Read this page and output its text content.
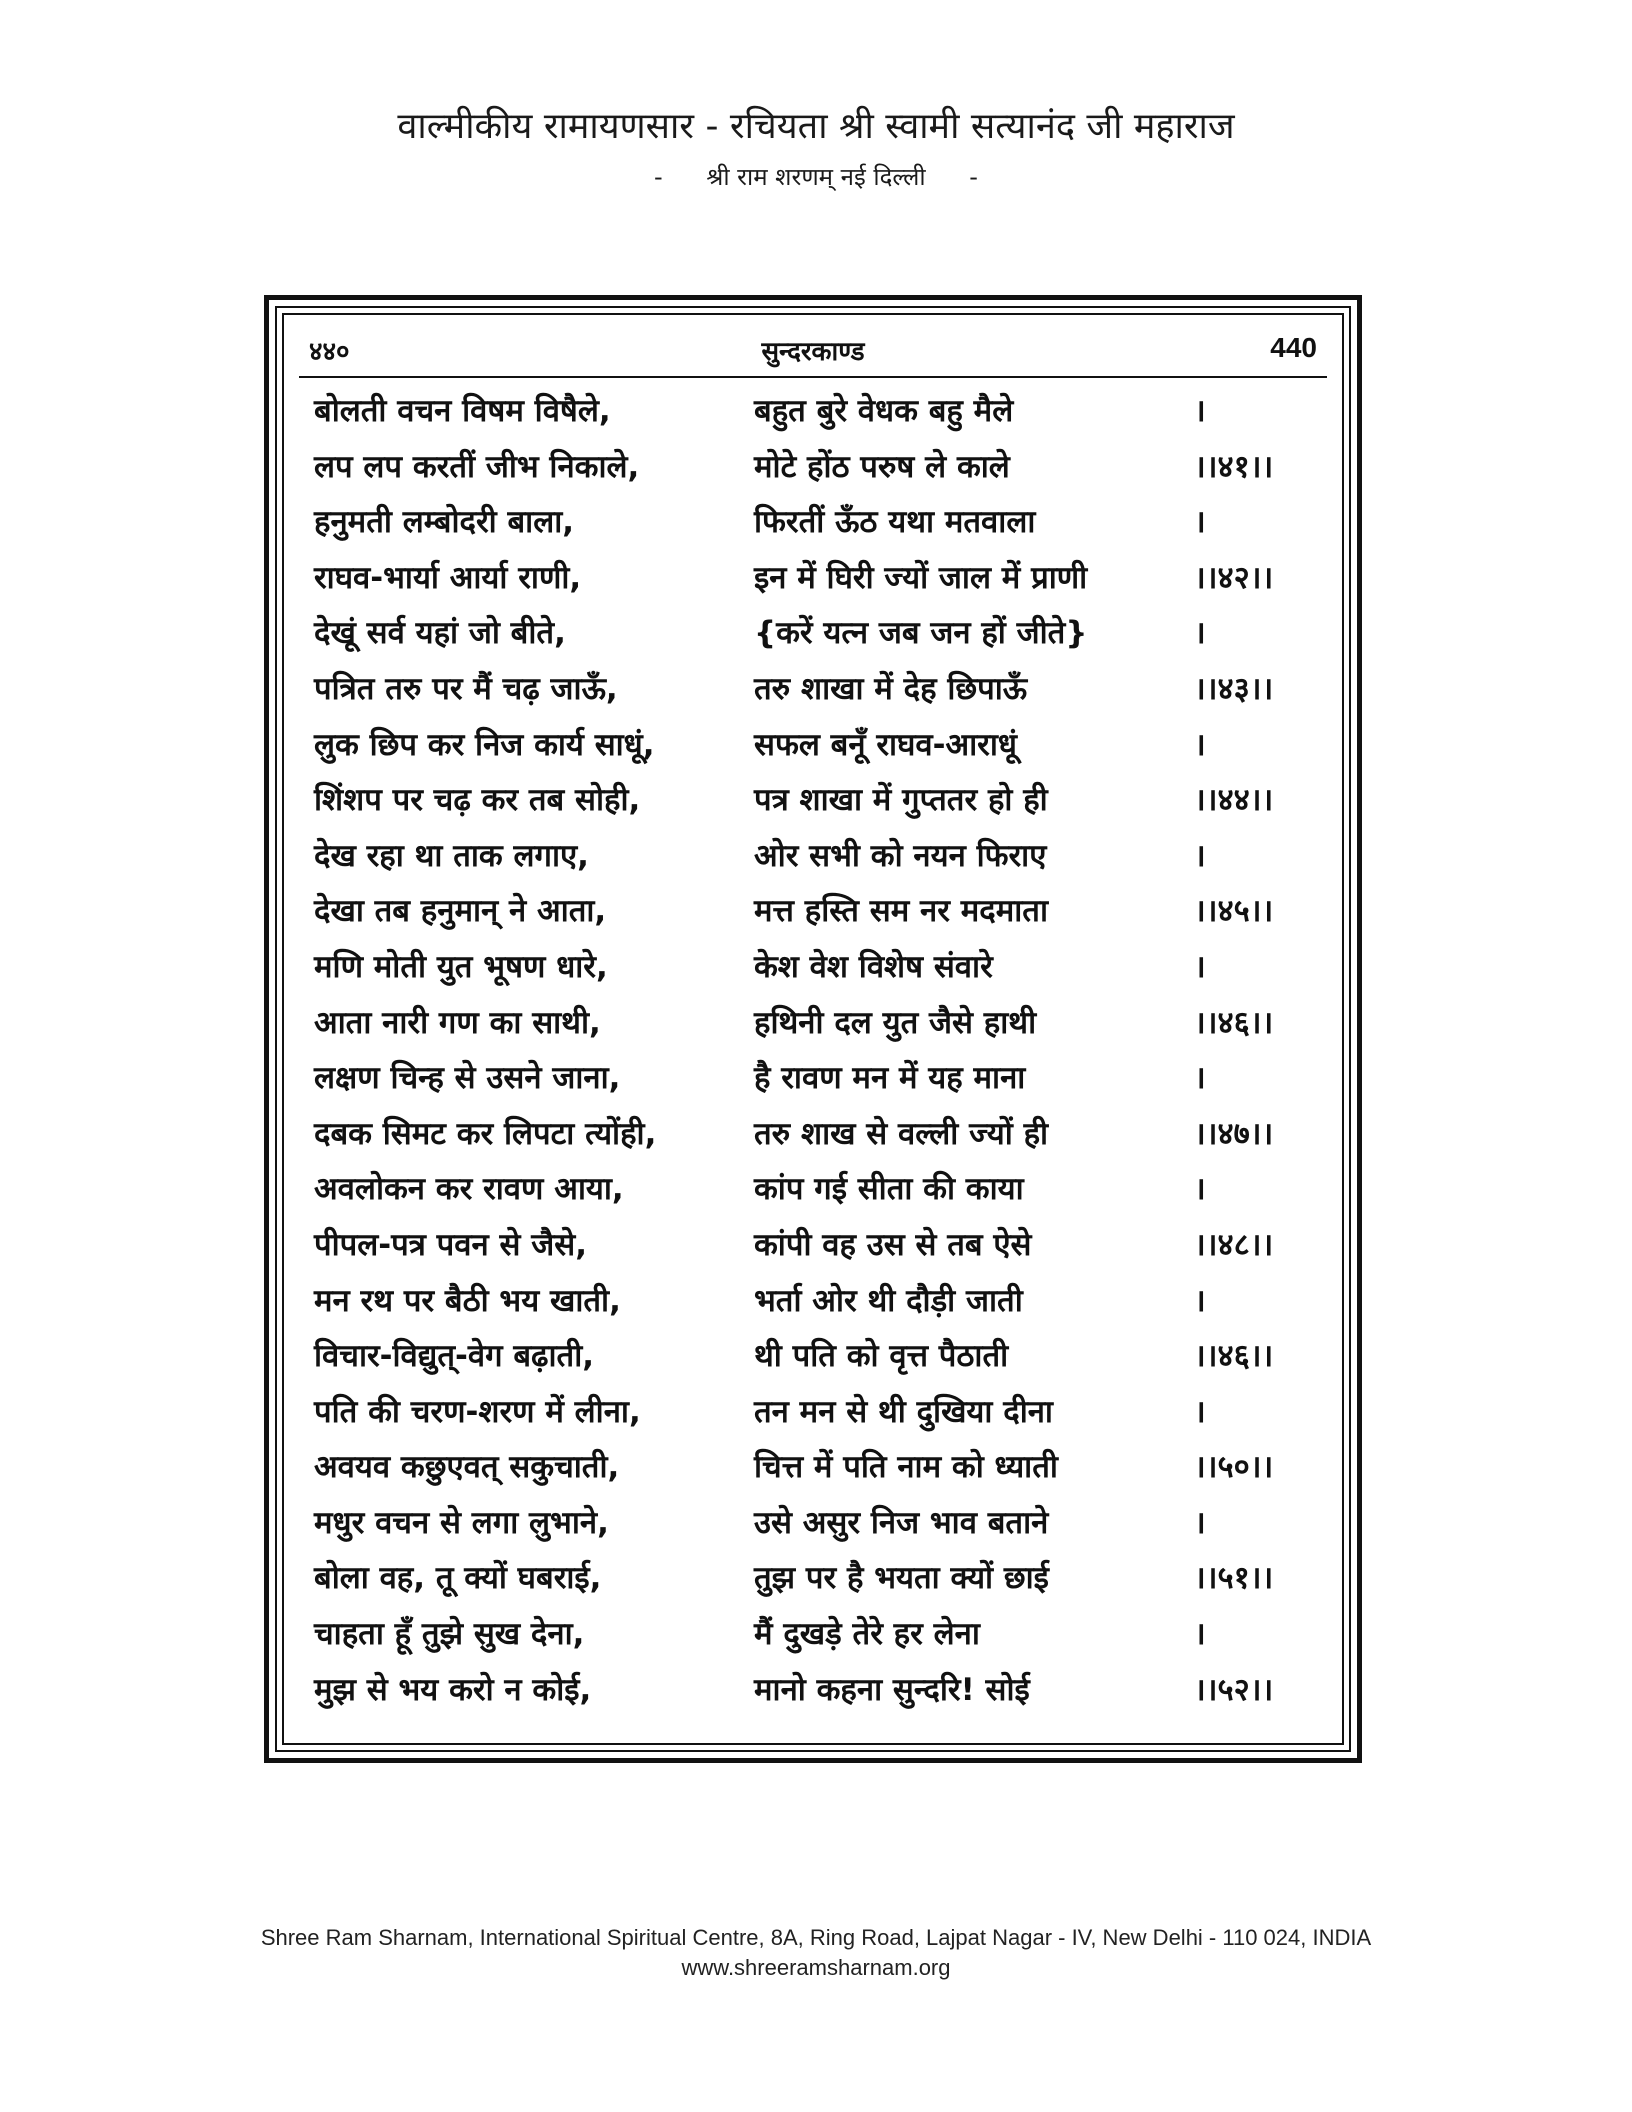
वाल्मीकीय रामायणसार - रचियता श्री स्वामी सत्यानंद जी महाराज
- श्री राम शरणम् नई दिल्ली -
४४०	सुन्दरकाण्ड	440
बोलती वचन विषम विषैले,	बहुत बुरे वेधक बहु मैले	।
लप लप करतीं जीभ निकाले,	मोटे होंठ परुष ले काले	।।४१।।
हनुमती लम्बोदरी बाला,	फिरतीं ऊँठ यथा मतवाला	।
राघव-भार्या आर्या राणी,	इन में घिरी ज्यों जाल में प्राणी	।।४२।।
देखूं सर्व यहां जो बीते,	{करें यत्न जब जन हों जीते}	।
पत्रित तरु पर मैं चढ़ जाऊँ,	तरु शाखा में देह छिपाऊँ	।।४३।।
लुक छिप कर निज कार्य साधूं,	सफल बनूँ राघव-आराधूं	।
शिंशप पर चढ़ कर तब सोही,	पत्र शाखा में गुप्ततर हो ही	।।४४।।
देख रहा था ताक लगाए,	ओर सभी को नयन फिराए	।
देखा तब हनुमान् ने आता,	मत्त हस्ति सम नर मदमाता	।।४५।।
मणि मोती युत भूषण धारे,	केश वेश विशेष संवारे	।
आता नारी गण का साथी,	हथिनी दल युत जैसे हाथी	।।४६।।
लक्षण चिन्ह से उसने जाना,	है रावण मन में यह माना	।
दबक सिमट कर लिपटा त्योंही,	तरु शाख से वल्ली ज्यों ही	।।४७।।
अवलोकन कर रावण आया,	कांप गई सीता की काया	।
पीपल-पत्र पवन से जैसे,	कांपी वह उस से तब ऐसे	।।४८।।
मन रथ पर बैठी भय खाती,	भर्ता ओर थी दौड़ी जाती	।
विचार-विद्युत्-वेग बढ़ाती,	थी पति को वृत्त पैठाती	।।४६।।
पति की चरण-शरण में लीना,	तन मन से थी दुखिया दीना	।
अवयव कछुएवत् सकुचाती,	चित्त में पति नाम को ध्याती	।।५०।।
मधुर वचन से लगा लुभाने,	उसे असुर निज भाव बताने	।
बोला वह, तू क्यों घबराई,	तुझ पर है भयता क्यों छाई	।।५१।।
चाहता हूँ तुझे सुख देना,	मैं दुखड़े तेरे हर लेना	।
मुझ से भय करो न कोई,	मानो कहना सुन्दरि! सोई	।।५२।।
Shree Ram Sharnam, International Spiritual Centre, 8A, Ring Road, Lajpat Nagar - IV, New Delhi - 110 024, INDIA
www.shreeramsharnam.org
